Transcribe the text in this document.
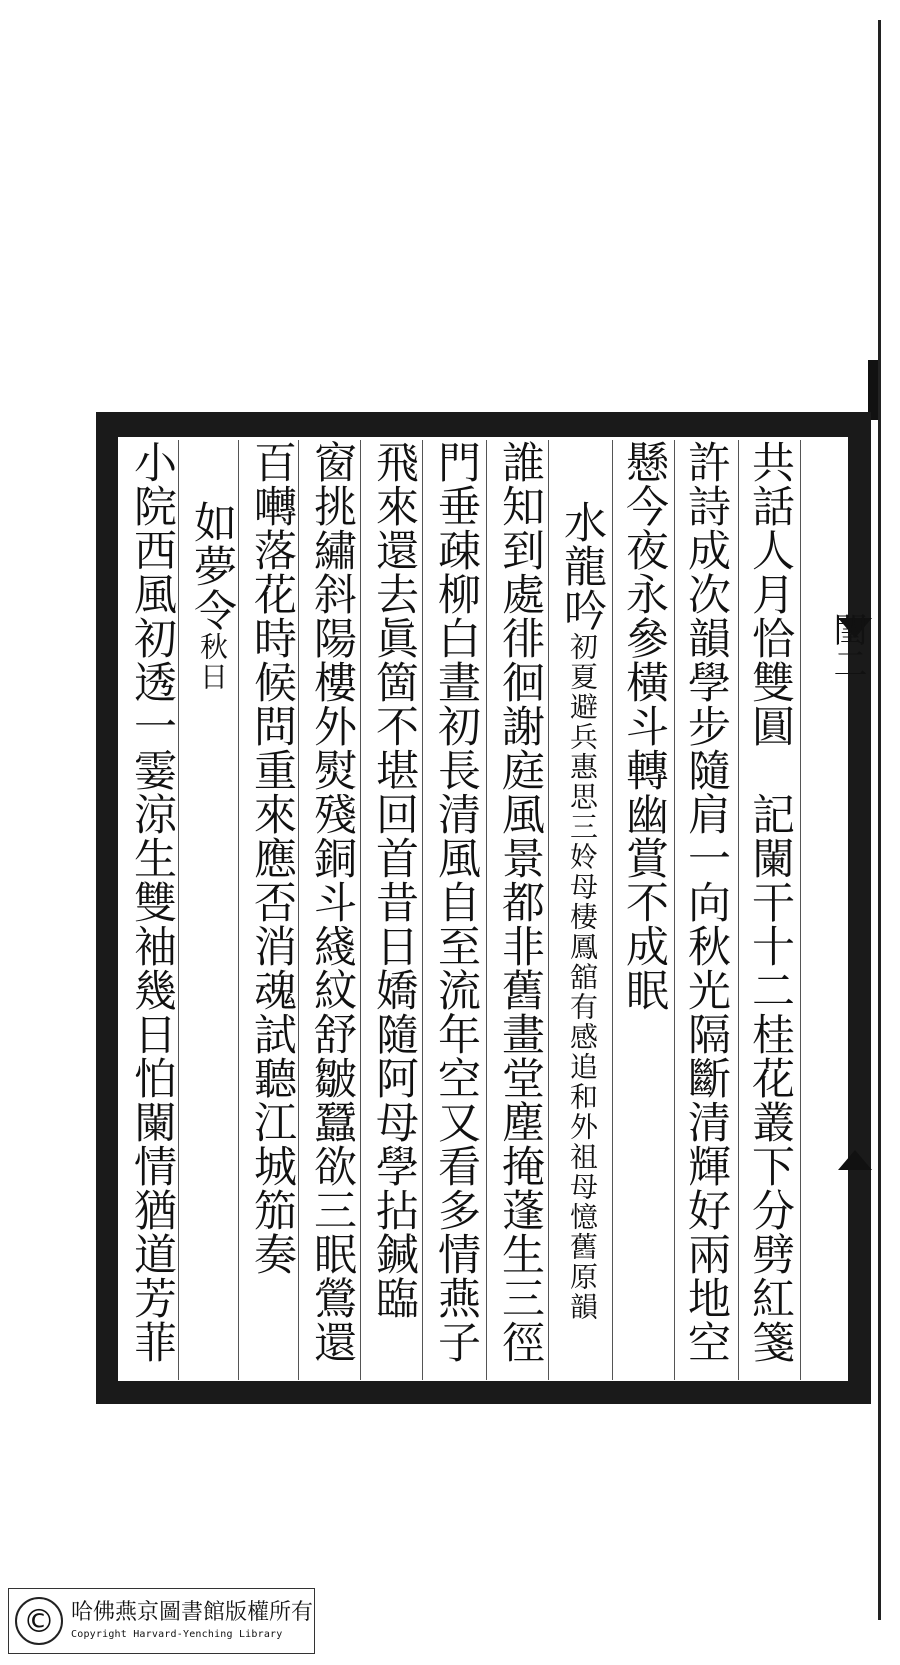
共話人月恰雙圓　記闌干十二桂花叢下分劈紅箋
許詩成次韻學步隨肩一向秋光隔斷清輝好兩地空
懸今夜永參橫斗轉幽賞不成眠
水龍吟初夏避兵惠思三姈母棲鳳舘有感追和外祖母憶舊原韻
誰知到處徘徊謝庭風景都非舊畫堂塵掩蓬生三徑
門垂疎柳白晝初長清風自至流年空又看多情燕子
飛來還去眞箇不堪回首昔日嬌隨阿母學拈鍼臨
窗挑繡斜陽樓外熨殘銅斗綫紋舒皺蠶欲三眠鶯還
百囀落花時候問重來應否消魂試聽江城笳奏
如夢令秋日
小院西風初透一霎涼生雙袖幾日怕闌情猶道芳菲	閨二
© 哈佛燕京圖書館版權所有
Copyright Harvard-Yenching Library
